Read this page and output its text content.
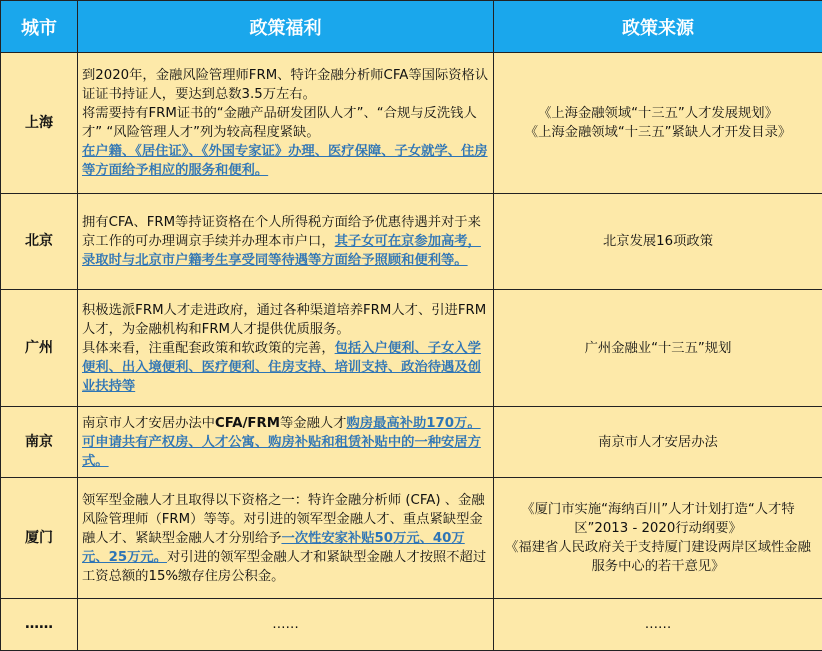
城市	政策福利	政策来源
上海	到2020年，金融风险管理师FRM、特许金融分析师CFA等国际资格认证证书持证人，要达到总数3.5万左右。
将需要持有FRM证书的“金融产品研发团队人才”、“合规与反洗钱人才” “风险管理人才”列为较高程度紧缺。
在户籍、《居住证》、《外国专家证》办理、医疗保障、子女就学、住房等方面给予相应的服务和便利。	《上海金融领域“十三五”人才发展规划》
《上海金融领域“十三五”紧缺人才开发目录》

北京	拥有CFA、FRM等持证资格在个人所得税方面给予优惠待遇并对于来京工作的可办理调京手续并办理本市户口，其子女可在京参加高考，录取时与北京市户籍考生享受同等待遇等方面给予照顾和便利等。	北京发展16项政策

广州	积极选派FRM人才走进政府，通过各种渠道培养FRM人才、引进FRM人才，为金融机构和FRM人才提供优质服务。
具体来看，注重配套政策和软政策的完善，包括入户便利、子女入学便利、出入境便利、医疗便利、住房支持、培训支持、政治待遇及创业扶持等	广州金融业“十三五”规划

南京	南京市人才安居办法中CFA/FRM等金融人才购房最高补助170万。可申请共有产权房、人才公寓、购房补贴和租赁补贴中的一种安居方式。	南京市人才安居办法

厦门	领军型金融人才且取得以下资格之一：特许金融分析师 (CFA) 、金融风险管理师（FRM）等等。对引进的领军型金融人才、重点紧缺型金融人才、紧缺型金融人才分别给予一次性安家补贴50万元、40万元、25万元。对引进的领军型金融人才和紧缺型金融人才按照不超过工资总额的15%缴存住房公积金。	《厦门市实施“海纳百川”人才计划打造“人才特区”2013 - 2020行动纲要》
《福建省人民政府关于支持厦门建设两岸区域性金融服务中心的若干意见》

……	……	……
